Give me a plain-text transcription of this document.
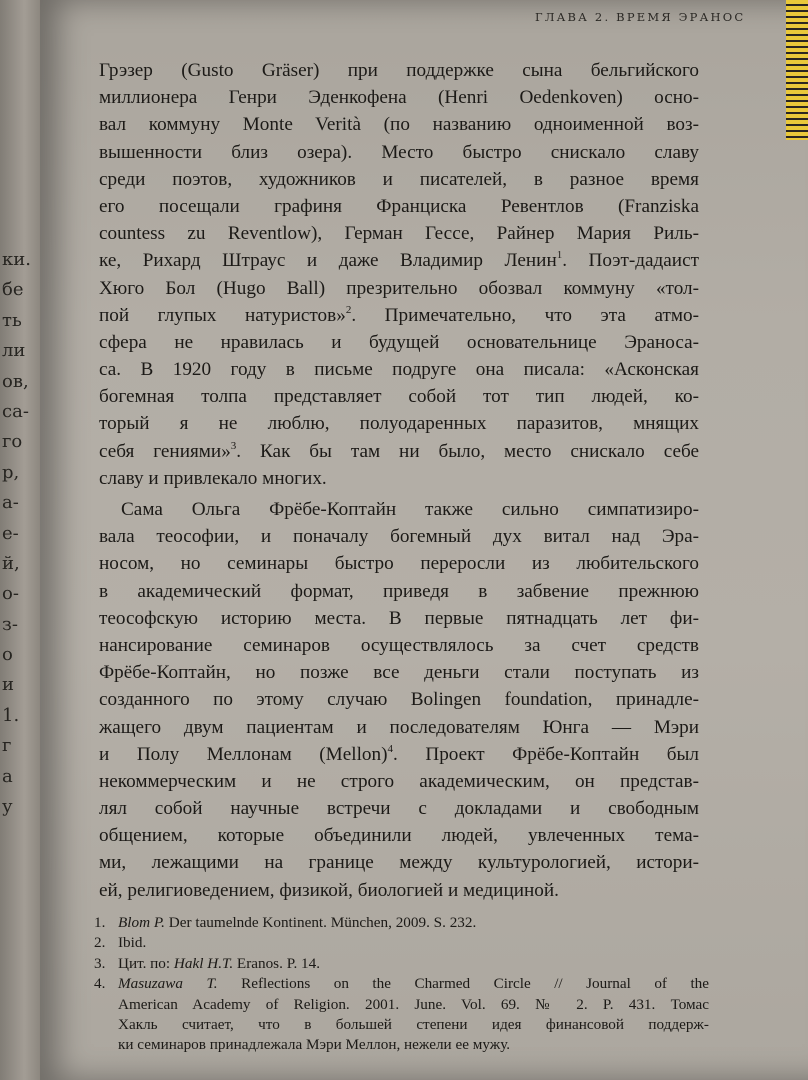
ки.
бе
ть
ли
ов,
са-
го
р,
а-
е-
й,
о-
з-
о
и
1.
г
а
у
ГЛАВА 2. ВРЕМЯ ЭРАНОС
Грэзер (Gusto Gräser) при поддержке сына бельгийского
миллионера Генри Эденкофена (Henri Oedenkoven) осно-
вал коммуну Monte Verità (по названию одноименной воз-
вышенности близ озера). Место быстро снискало славу
среди поэтов, художников и писателей, в разное время
его посещали графиня Франциска Ревентлов (Franziska
countess zu Reventlow), Герман Гессе, Райнер Мария Риль-
ке, Рихард Штраус и даже Владимир Ленин$^1$. Поэт-дадаист
Хюго Бол (Hugo Ball) презрительно обозвал коммуну «тол-
пой глупых натуристов»$^2$. Примечательно, что эта атмо-
сфера не нравилась и будущей основательнице Эраноса-
са. В 1920 году в письме подруге она писала: «Асконская
богемная толпа представляет собой тот тип людей, ко-
торый я не люблю, полуодаренных паразитов, мнящих
себя гениями»$^3$. Как бы там ни было, место снискало себе
славу и привлекало многих.
Сама Ольга Фрёбе-Коптайн также сильно симпатизиро-
вала теософии, и поначалу богемный дух витал над Эра-
носом, но семинары быстро переросли из любительского
в академический формат, приведя в забвение прежнюю
теософскую историю места. В первые пятнадцать лет фи-
нансирование семинаров осуществлялось за счет средств
Фрёбе-Коптайн, но позже все деньги стали поступать из
созданного по этому случаю Bolingen foundation, принадле-
жащего двум пациентам и последователям Юнга — Мэри
и Полу Меллонам (Mellon)$^4$. Проект Фрёбе-Коптайн был
некоммерческим и не строго академическим, он представ-
лял собой научные встречи с докладами и свободным
общением, которые объединили людей, увлеченных тема-
ми, лежащими на границе между культурологией, истори-
ей, религиоведением, физикой, биологией и медициной.
1. Blom P. Der taumelnde Kontinent. München, 2009. S. 232.
2. Ibid.
3. Цит. по: Hakl H.T. Eranos. P. 14.
4. Masuzawa T. Reflections on the Charmed Circle // Journal of the
American Academy of Religion. 2001. June. Vol. 69. № 2. P. 431. Томас
Хакль считает, что в большей степени идея финансовой поддерж-
ки семинаров принадлежала Мэри Меллон, нежели ее мужу.
